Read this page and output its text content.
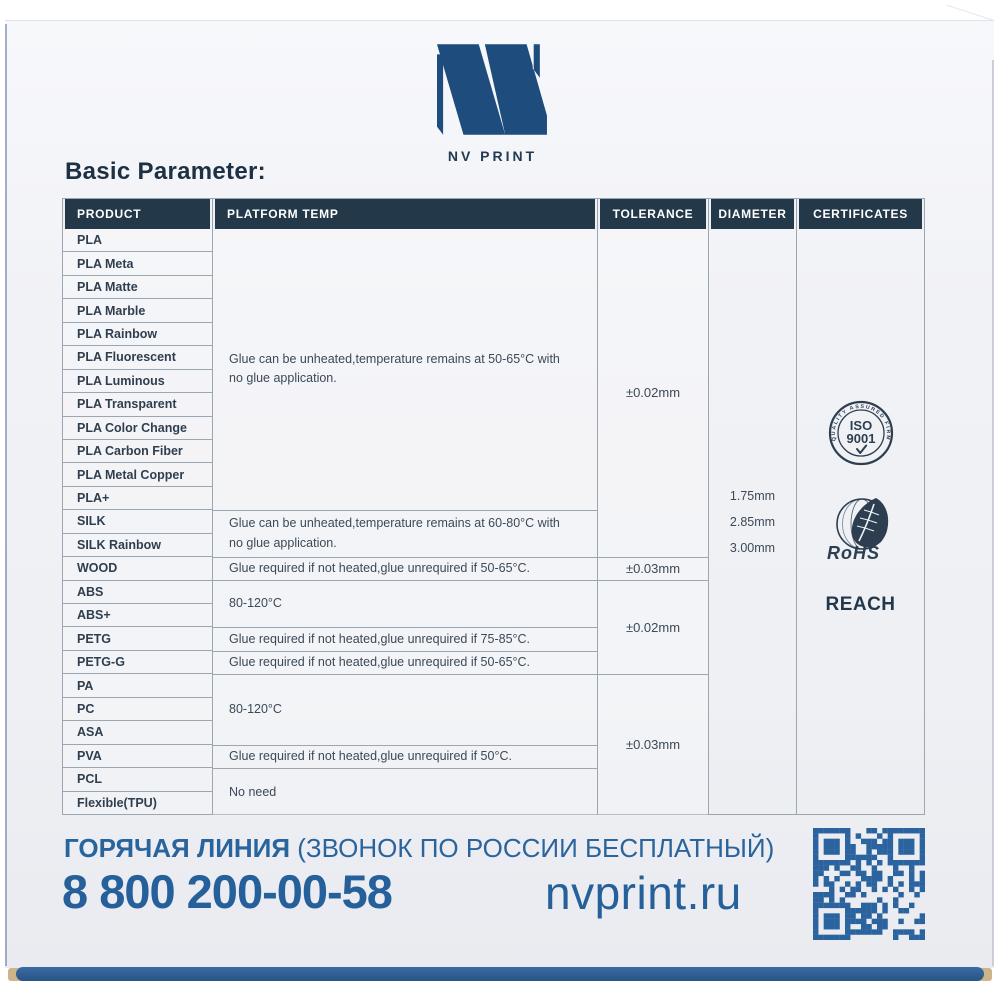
NV PRINT
Basic Parameter:
PRODUCT
PLA
PLA Meta
PLA Matte
PLA Marble
PLA Rainbow
PLA Fluorescent
PLA Luminous
PLA Transparent
PLA Color Change
PLA Carbon Fiber
PLA Metal Copper
PLA+
SILK
SILK Rainbow
WOOD
ABS
ABS+
PETG
PETG-G
PA
PC
ASA
PVA
PCL
Flexible(TPU)
PLATFORM TEMP
Glue can be unheated,temperature remains at 50-65°C with no glue application.
Glue can be unheated,temperature remains at 60-80°C with no glue application.
Glue required if not heated,glue unrequired if 50-65°C.
80-120°C
Glue required if not heated,glue unrequired if 75-85°C.
Glue required if not heated,glue unrequired if 50-65°C.
80-120°C
Glue required if not heated,glue unrequired if 50°C.
No need
TOLERANCE
±0.02mm
±0.03mm
±0.02mm
±0.03mm
DIAMETER
1.75mm
2.85mm
3.00mm
CERTIFICATES
QUALITY ASSURED FIRM
ISO
9001
RoHS
REACH
ГОРЯЧАЯ ЛИНИЯ (ЗВОНОК ПО РОССИИ БЕСПЛАТНЫЙ)
8 800 200-00-58	nvprint.ru
